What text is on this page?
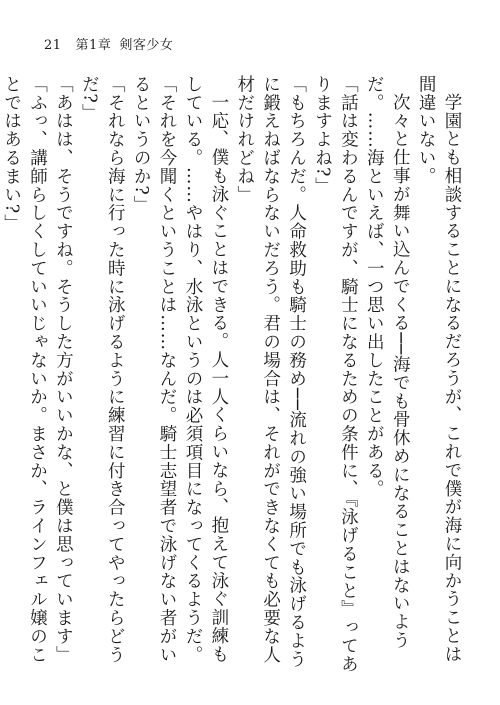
21 第1章 剣客少女

学園とも相談することになるだろうが、これで僕が海に向かうことは間違いない。

次々と仕事が舞い込んでくる──海でも骨休めになることはないようだ。……海といえば、一つ思い出したことがある。

「話は変わるんですが、騎士になるための条件に、『泳げること』ってありますよね?」

「もちろんだ。人命救助も騎士の務め──流れの強い場所でも泳げるように鍛えねばならないだろう。君の場合は、それができなくても必要な人材だけれどね」

一応、僕も泳ぐことはできる。人一人くらいなら、抱えて泳ぐ訓練もしている。……やはり、水泳というのは必須項目になってくるようだ。

「それを今聞くということは……なんだ。騎士志望者で泳げない者がいるというのか?」

「それなら海に行った時に泳げるように練習に付き合ってやったらどうだ?」

「あはは、そうですね。そうした方がいいかな、と僕は思っています」

「ふっ、講師らしくしていいじゃないか。まさか、ラインフェル嬢のことではあるまい?」
